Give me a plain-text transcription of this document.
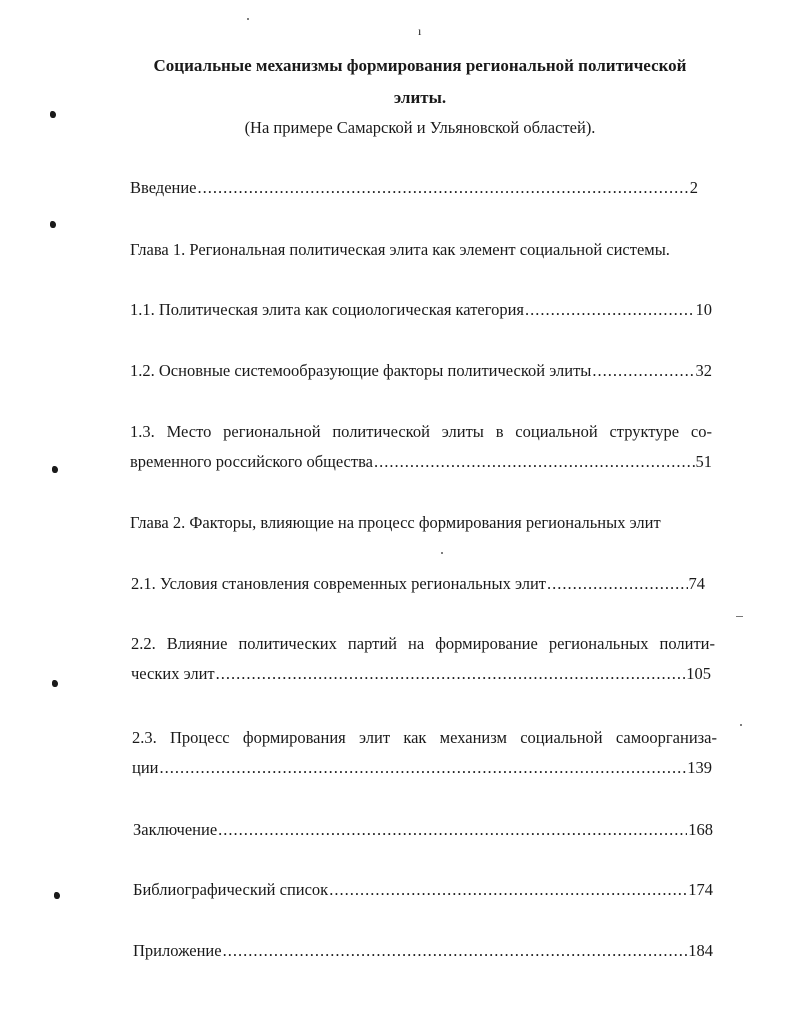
ı
Социальные механизмы формирования региональной политической
элиты.
(На примере Самарской и Ульяновской областей).
Введение .....	2
Глава 1. Региональная политическая элита как элемент социальной системы.
1.1. Политическая элита как социологическая категория .....	10
1.2. Основные системообразующие факторы политической элиты .....	32
1.3. Место региональной политической элиты в социальной структуре со-
временного российского общества .....	51
Глава 2. Факторы, влияющие на процесс формирования региональных элит
2.1. Условия становления современных региональных элит .....	74
2.2. Влияние политических партий на формирование региональных полити-
ческих элит .....	105
2.3. Процесс формирования элит как механизм социальной самоорганиза-
ции .....	139
Заключение .....	168
Библиографический список .....	174
Приложение .....	184
